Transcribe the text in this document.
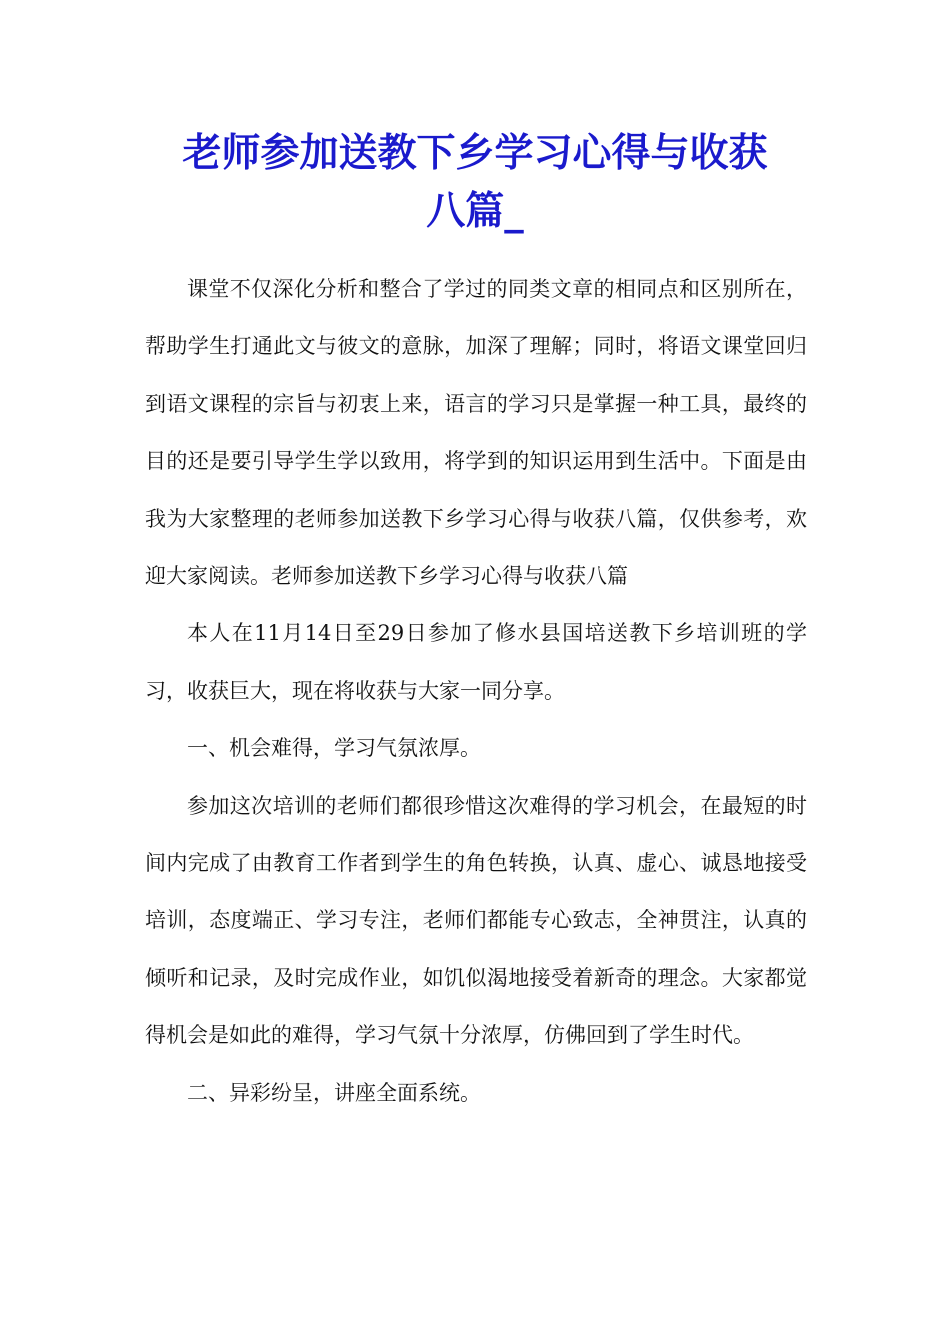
老师参加送教下乡学习心得与收获
八篇_

课堂不仅深化分析和整合了学过的同类文章的相同点和区别所在，帮助学生打通此文与彼文的意脉，加深了理解；同时，将语文课堂回归到语文课程的宗旨与初衷上来，语言的学习只是掌握一种工具，最终的目的还是要引导学生学以致用，将学到的知识运用到生活中。下面是由我为大家整理的老师参加送教下乡学习心得与收获八篇，仅供参考，欢迎大家阅读。老师参加送教下乡学习心得与收获八篇

本人在11月14日至29日参加了修水县国培送教下乡培训班的学习，收获巨大，现在将收获与大家一同分享。

一、机会难得，学习气氛浓厚。

参加这次培训的老师们都很珍惜这次难得的学习机会，在最短的时间内完成了由教育工作者到学生的角色转换，认真、虚心、诚恳地接受培训，态度端正、学习专注，老师们都能专心致志，全神贯注，认真的倾听和记录，及时完成作业，如饥似渴地接受着新奇的理念。大家都觉得机会是如此的难得，学习气氛十分浓厚，仿佛回到了学生时代。

二、异彩纷呈，讲座全面系统。
